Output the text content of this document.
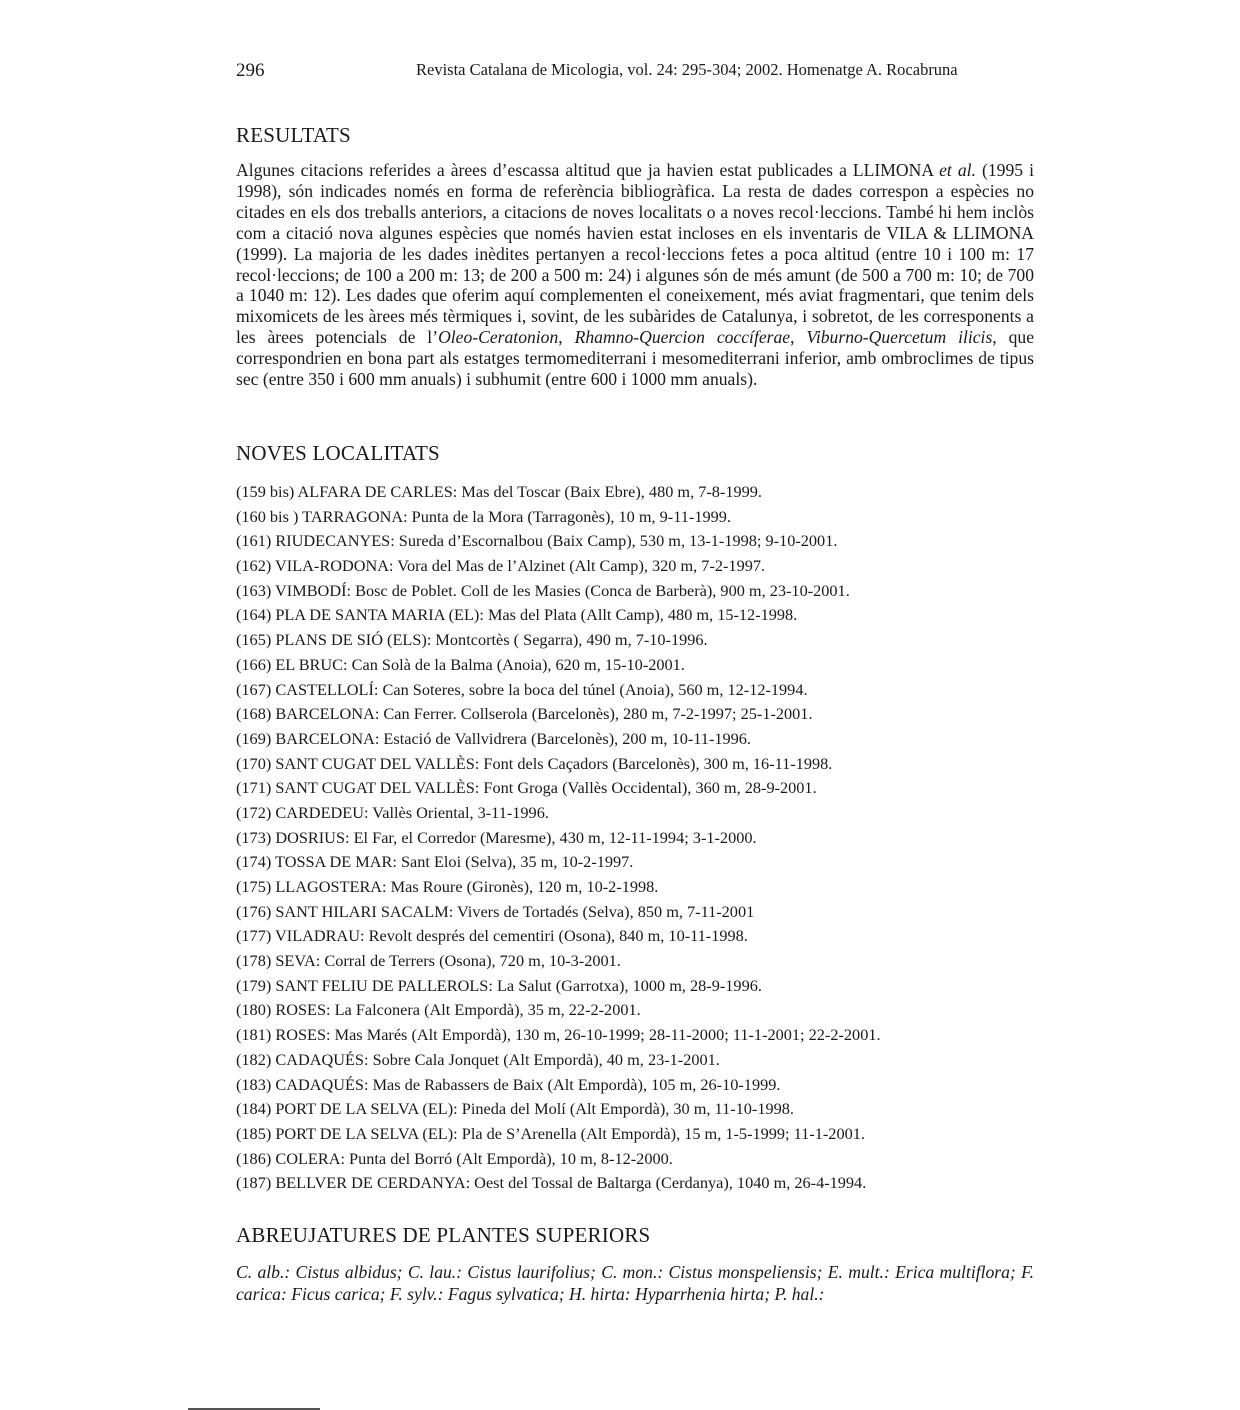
296	Revista Catalana de Micologia, vol. 24: 295-304; 2002. Homenatge A. Rocabruna
RESULTATS

Algunes citacions referides a àrees d’escassa altitud que ja havien estat publicades a LLIMONA et al. (1995 i 1998), són indicades només en forma de referència bibliogràfica. La resta de dades correspon a espècies no citades en els dos treballs anteriors, a citacions de noves localitats o a noves recol·leccions. També hi hem inclòs com a citació nova algunes espècies que només havien estat incloses en els inventaris de VILA & LLIMONA (1999). La majoria de les dades inèdites pertanyen a recol·leccions fetes a poca altitud (entre 10 i 100 m: 17 recol·leccions; de 100 a 200 m: 13; de 200 a 500 m: 24) i algunes són de més amunt (de 500 a 700 m: 10; de 700 a 1040 m: 12). Les dades que oferim aquí complementen el coneixement, més aviat fragmentari, que tenim dels mixomicets de les àrees més tèrmiques i, sovint, de les subàrides de Catalunya, i sobretot, de les corresponents a les àrees potencials de l’Oleo-Ceratonion, Rhamno-Quercion coccíferae, Viburno-Quercetum ilicis, que correspondrien en bona part als estatges termomediterrani i mesomediterrani inferior, amb ombroclimes de tipus sec (entre 350 i 600 mm anuals) i subhumit (entre 600 i 1000 mm anuals).

NOVES LOCALITATS
(159 bis) ALFARA DE CARLES: Mas del Toscar (Baix Ebre), 480 m, 7-8-1999.
(160 bis ) TARRAGONA: Punta de la Mora (Tarragonès), 10 m, 9-11-1999.
(161) RIUDECANYES: Sureda d’Escornalbou (Baix Camp), 530 m, 13-1-1998; 9-10-2001.
(162) VILA-RODONA: Vora del Mas de l’Alzinet (Alt Camp), 320 m, 7-2-1997.
(163) VIMBODÍ: Bosc de Poblet. Coll de les Masies (Conca de Barberà), 900 m, 23-10-2001.
(164) PLA DE SANTA MARIA (EL): Mas del Plata (Allt Camp), 480 m, 15-12-1998.
(165) PLANS DE SIÓ (ELS): Montcortès ( Segarra), 490 m, 7-10-1996.
(166) EL BRUC: Can Solà de la Balma (Anoia), 620 m, 15-10-2001.
(167) CASTELLOLÍ: Can Soteres, sobre la boca del túnel (Anoia), 560 m, 12-12-1994.
(168) BARCELONA: Can Ferrer. Collserola (Barcelonès), 280 m, 7-2-1997; 25-1-2001.
(169) BARCELONA: Estació de Vallvidrera (Barcelonès), 200 m, 10-11-1996.
(170) SANT CUGAT DEL VALLÈS: Font dels Caçadors (Barcelonès), 300 m, 16-11-1998.
(171) SANT CUGAT DEL VALLÈS: Font Groga (Vallès Occidental), 360 m, 28-9-2001.
(172) CARDEDEU: Vallès Oriental, 3-11-1996.
(173) DOSRIUS: El Far, el Corredor (Maresme), 430 m, 12-11-1994; 3-1-2000.
(174) TOSSA DE MAR: Sant Eloi (Selva), 35 m, 10-2-1997.
(175) LLAGOSTERA: Mas Roure (Gironès), 120 m, 10-2-1998.
(176) SANT HILARI SACALM: Vivers de Tortadés (Selva), 850 m, 7-11-2001
(177) VILADRAU: Revolt després del cementiri (Osona), 840 m, 10-11-1998.
(178) SEVA: Corral de Terrers (Osona), 720 m, 10-3-2001.
(179) SANT FELIU DE PALLEROLS: La Salut (Garrotxa), 1000 m, 28-9-1996.
(180) ROSES: La Falconera (Alt Empordà), 35 m, 22-2-2001.
(181) ROSES: Mas Marés (Alt Empordà), 130 m, 26-10-1999; 28-11-2000; 11-1-2001; 22-2-2001.
(182) CADAQUÉS: Sobre Cala Jonquet (Alt Empordà), 40 m, 23-1-2001.
(183) CADAQUÉS: Mas de Rabassers de Baix (Alt Empordà), 105 m, 26-10-1999.
(184) PORT DE LA SELVA (EL): Pineda del Molí (Alt Empordà), 30 m, 11-10-1998.
(185) PORT DE LA SELVA (EL): Pla de S’Arenella (Alt Empordà), 15 m, 1-5-1999; 11-1-2001.
(186) COLERA: Punta del Borró (Alt Empordà), 10 m, 8-12-2000.
(187) BELLVER DE CERDANYA: Oest del Tossal de Baltarga (Cerdanya), 1040 m, 26-4-1994.
ABREUJATURES DE PLANTES SUPERIORS

C. alb.: Cistus albidus; C. lau.: Cistus laurifolius; C. mon.: Cistus monspeliensis; E. mult.: Erica multiflora; F. carica: Ficus carica; F. sylv.: Fagus sylvatica; H. hirta: Hyparrhenia hirta; P. hal.:
